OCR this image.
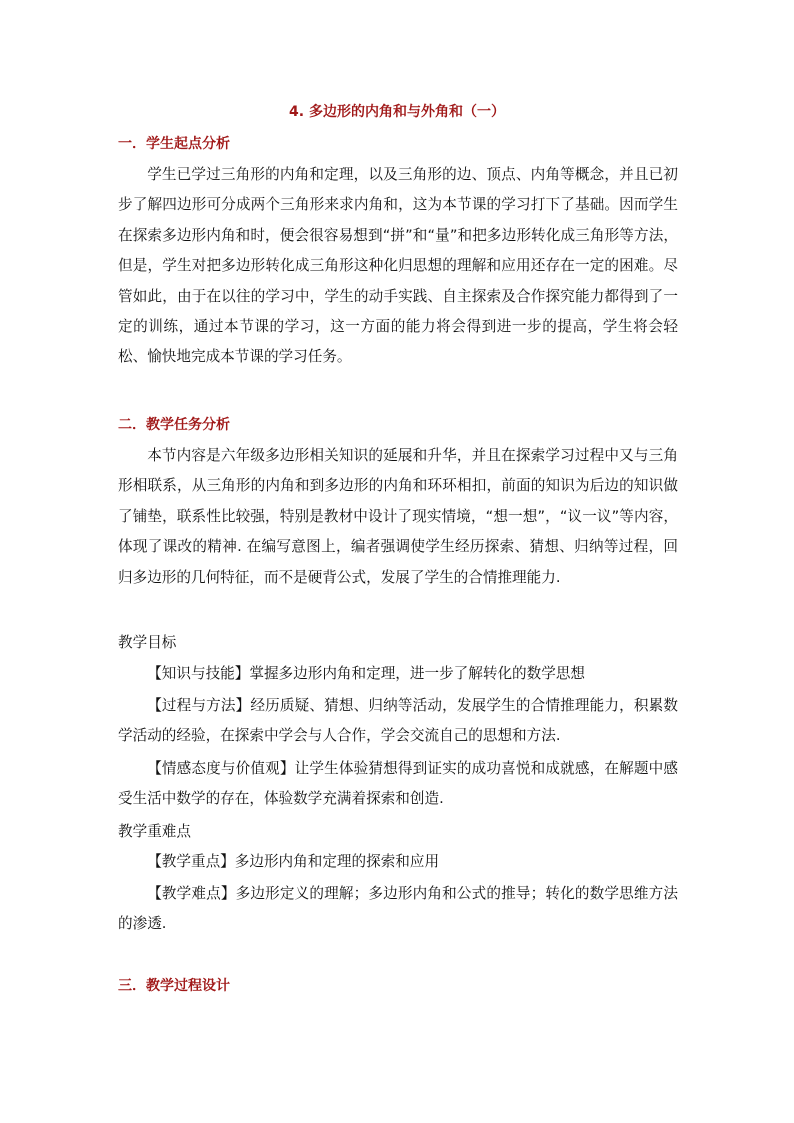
4. 多边形的内角和与外角和（一）
一．学生起点分析

学生已学过三角形的内角和定理，以及三角形的边、顶点、内角等概念，并且已初步了解四边形可分成两个三角形来求内角和，这为本节课的学习打下了基础。因而学生在探索多边形内角和时，便会很容易想到“拼”和“量”和把多边形转化成三角形等方法，但是，学生对把多边形转化成三角形这种化归思想的理解和应用还存在一定的困难。尽管如此，由于在以往的学习中，学生的动手实践、自主探索及合作探究能力都得到了一定的训练，通过本节课的学习，这一方面的能力将会得到进一步的提高，学生将会轻松、愉快地完成本节课的学习任务。

二．教学任务分析

本节内容是六年级多边形相关知识的延展和升华，并且在探索学习过程中又与三角形相联系，从三角形的内角和到多边形的内角和环环相扣，前面的知识为后边的知识做了铺垫，联系性比较强，特别是教材中设计了现实情境，“想一想”，“议一议”等内容，体现了课改的精神. 在编写意图上，编者强调使学生经历探索、猜想、归纳等过程，回归多边形的几何特征，而不是硬背公式，发展了学生的合情推理能力.

教学目标

【知识与技能】掌握多边形内角和定理，进一步了解转化的数学思想

【过程与方法】经历质疑、猜想、归纳等活动，发展学生的合情推理能力，积累数学活动的经验，在探索中学会与人合作，学会交流自己的思想和方法.

【情感态度与价值观】让学生体验猜想得到证实的成功喜悦和成就感，在解题中感受生活中数学的存在，体验数学充满着探索和创造.

教学重难点

【教学重点】多边形内角和定理的探索和应用

【教学难点】多边形定义的理解；多边形内角和公式的推导；转化的数学思维方法的渗透.

三．教学过程设计
